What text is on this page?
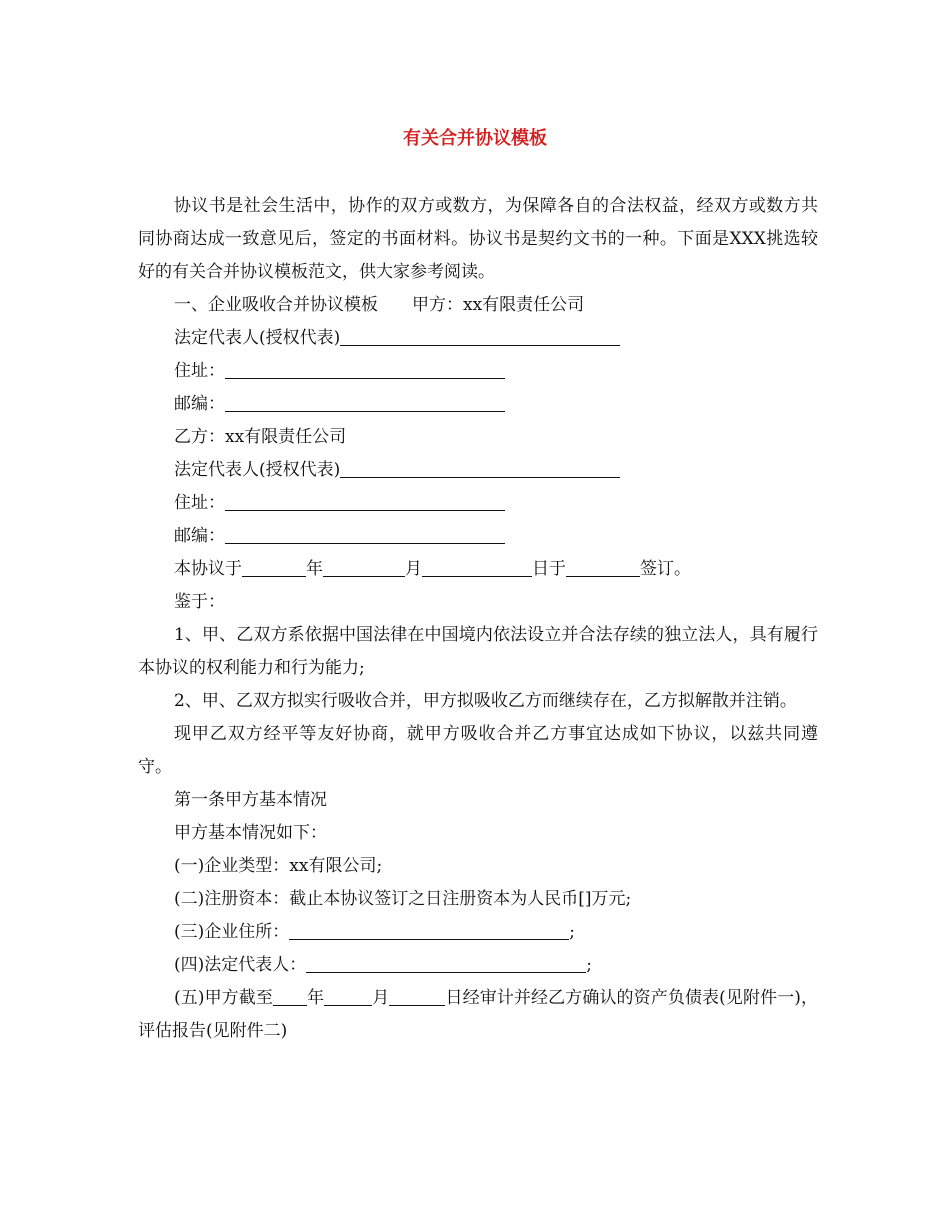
有关合并协议模板

协议书是社会生活中，协作的双方或数方，为保障各自的合法权益，经双方或数方共同协商达成一致意见后，签定的书面材料。协议书是契约文书的一种。下面是XXX挑选较好的有关合并协议模板范文，供大家参考阅读。

一、企业吸收合并协议模板 甲方：xx有限责任公司

法定代表人(授权代表)

住址：

邮编：

乙方：xx有限责任公司

法定代表人(授权代表)

住址：

邮编：

本协议于	年	月	日于	签订。

鉴于：

1、甲、乙双方系依据中国法律在中国境内依法设立并合法存续的独立法人，具有履行本协议的权利能力和行为能力;

2、甲、乙双方拟实行吸收合并，甲方拟吸收乙方而继续存在，乙方拟解散并注销。

现甲乙双方经平等友好协商，就甲方吸收合并乙方事宜达成如下协议，以兹共同遵守。

第一条甲方基本情况

甲方基本情况如下：

(一)企业类型：xx有限公司;

(二)注册资本：截止本协议签订之日注册资本为人民币[]万元;

(三)企业住所：	;

(四)法定代表人：	;

(五)甲方截至 年	月	日经审计并经乙方确认的资产负债表(见附件一)，评估报告(见附件二)
